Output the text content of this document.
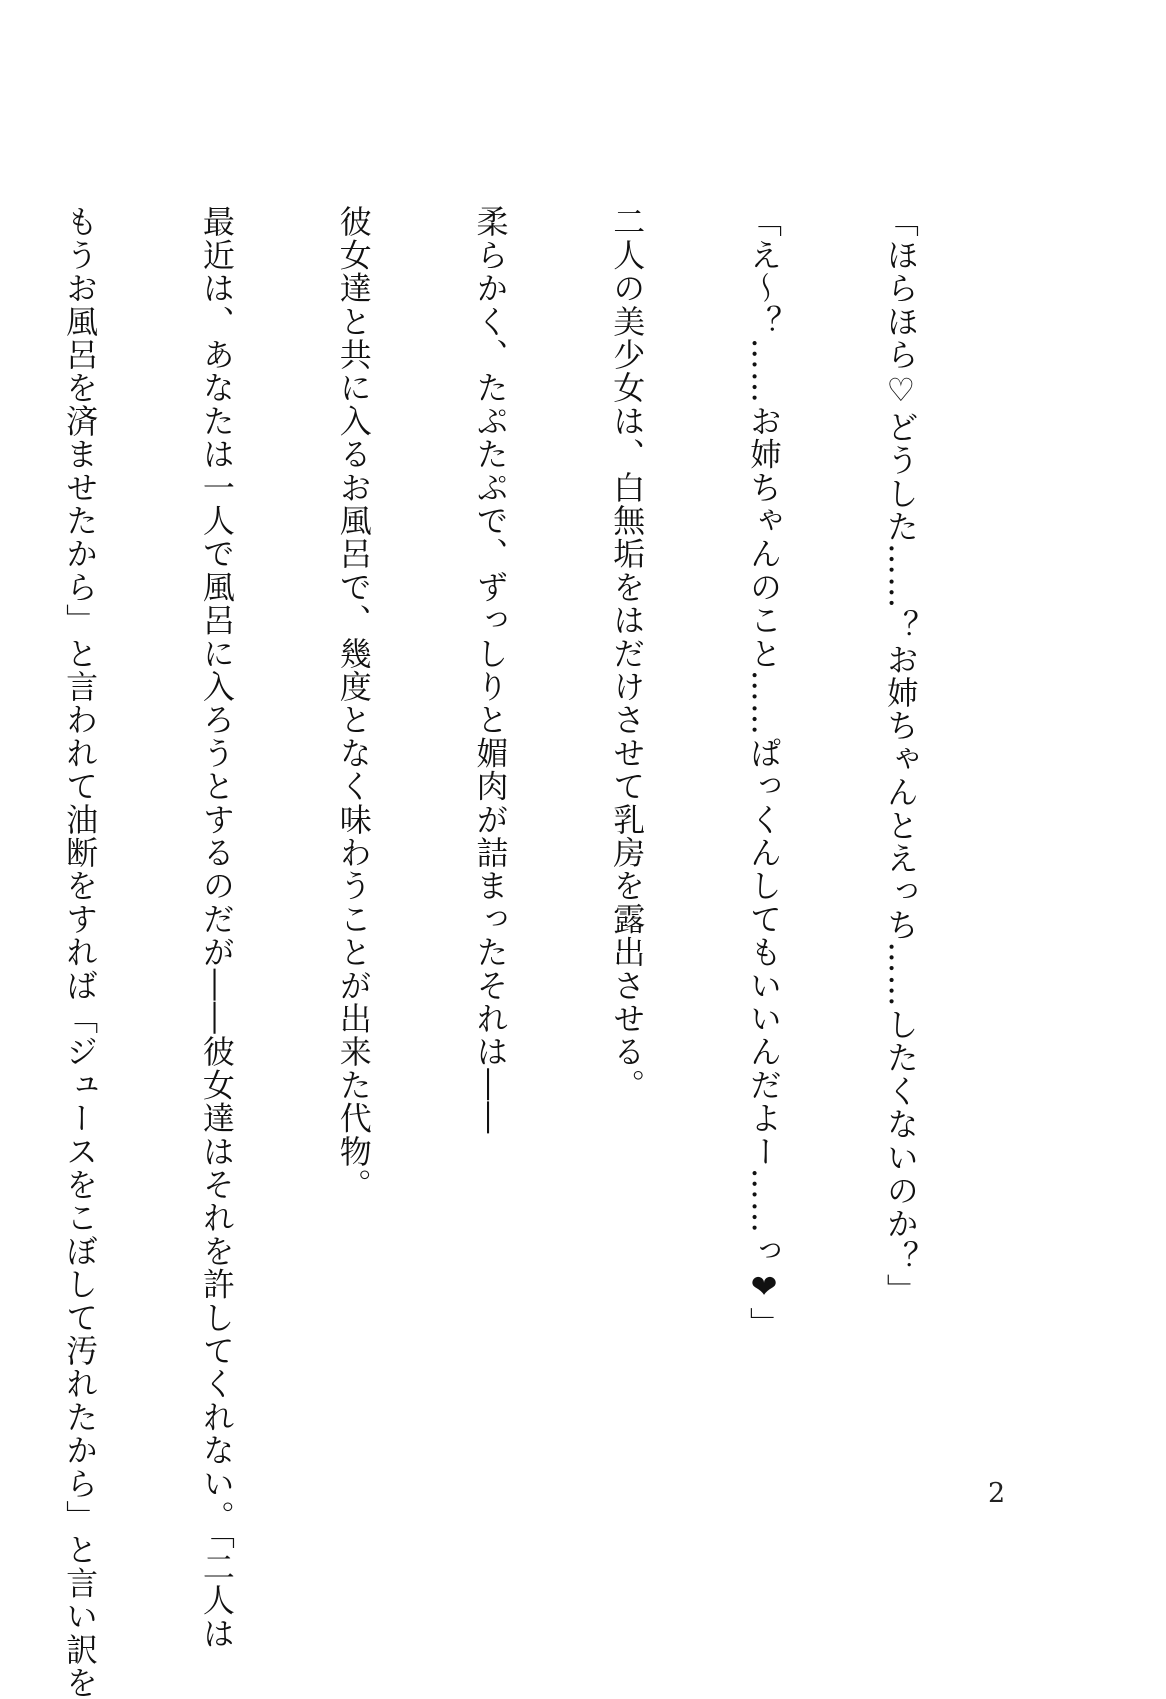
「ほらほら♡どうした……？お姉ちゃんとえっち……したくないのか？」

「え～？……お姉ちゃんのこと……ぱっくんしてもいいんだよー……っ❤」

二人の美少女は、白無垢をはだけさせて乳房を露出させる。

柔らかく、たぷたぷで、ずっしりと媚肉が詰まったそれは――

彼女達と共に入るお風呂で、幾度となく味わうことが出来た代物。

最近は、あなたは一人で風呂に入ろうとするのだが――彼女達はそれを許してくれない。「二人は

もうお風呂を済ませたから」と言われて油断をすれば「ジュースをこぼして汚れたから」と言い訳を

	2
